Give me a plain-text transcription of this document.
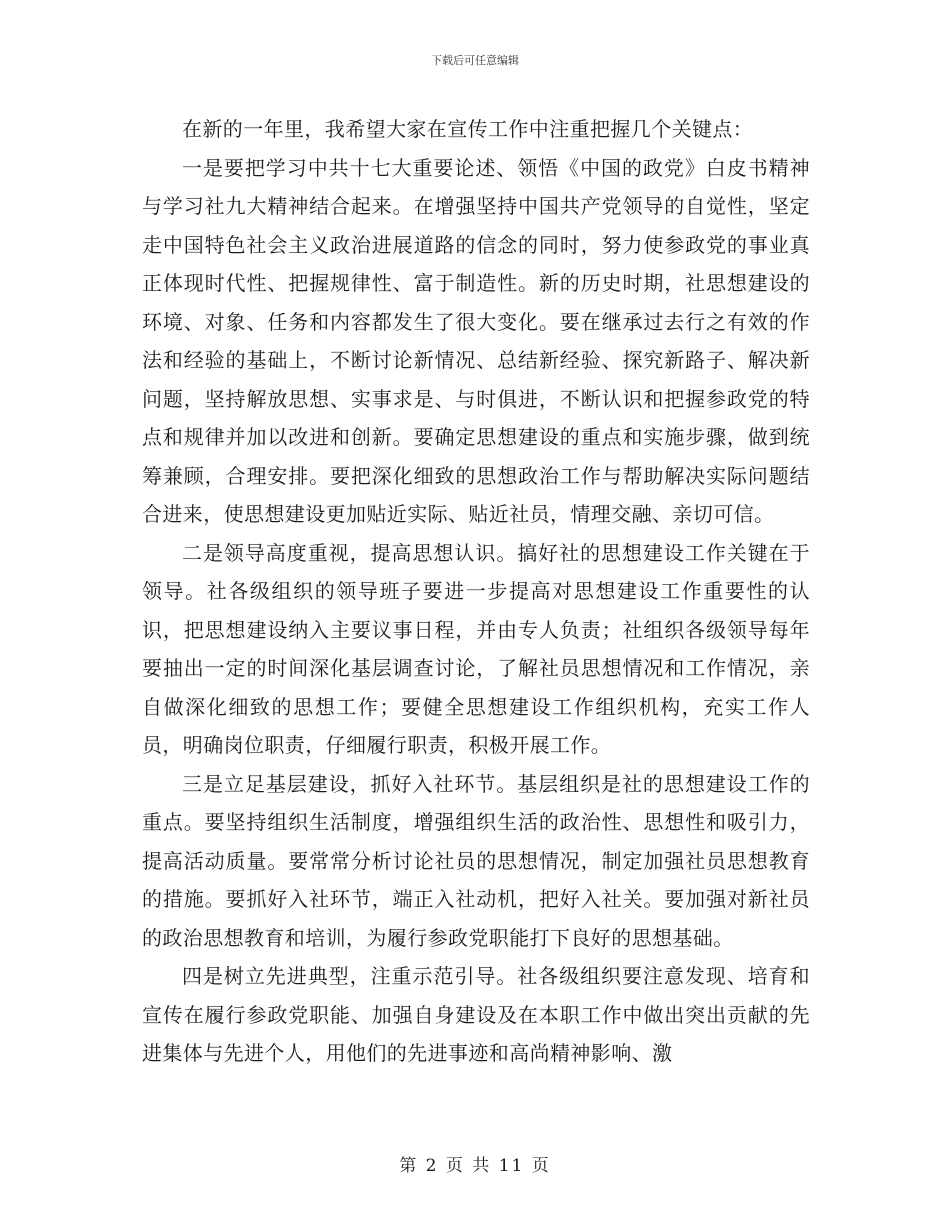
下载后可任意编辑

在新的一年里，我希望大家在宣传工作中注重把握几个关键点：

一是要把学习中共十七大重要论述、领悟《中国的政党》白皮书精神与学习社九大精神结合起来。在增强坚持中国共产党领导的自觉性，坚定走中国特色社会主义政治进展道路的信念的同时，努力使参政党的事业真正体现时代性、把握规律性、富于制造性。新的历史时期，社思想建设的环境、对象、任务和内容都发生了很大变化。要在继承过去行之有效的作法和经验的基础上，不断讨论新情况、总结新经验、探究新路子、解决新问题，坚持解放思想、实事求是、与时俱进，不断认识和把握参政党的特点和规律并加以改进和创新。要确定思想建设的重点和实施步骤，做到统筹兼顾，合理安排。要把深化细致的思想政治工作与帮助解决实际问题结合进来，使思想建设更加贴近实际、贴近社员，情理交融、亲切可信。

二是领导高度重视，提高思想认识。搞好社的思想建设工作关键在于领导。社各级组织的领导班子要进一步提高对思想建设工作重要性的认识，把思想建设纳入主要议事日程，并由专人负责；社组织各级领导每年要抽出一定的时间深化基层调查讨论，了解社员思想情况和工作情况，亲自做深化细致的思想工作；要健全思想建设工作组织机构，充实工作人员，明确岗位职责，仔细履行职责，积极开展工作。

三是立足基层建设，抓好入社环节。基层组织是社的思想建设工作的重点。要坚持组织生活制度，增强组织生活的政治性、思想性和吸引力，提高活动质量。要常常分析讨论社员的思想情况，制定加强社员思想教育的措施。要抓好入社环节，端正入社动机，把好入社关。要加强对新社员的政治思想教育和培训，为履行参政党职能打下良好的思想基础。

四是树立先进典型，注重示范引导。社各级组织要注意发现、培育和宣传在履行参政党职能、加强自身建设及在本职工作中做出突出贡献的先进集体与先进个人，用他们的先进事迹和高尚精神影响、激

第 2 页 共 11 页
